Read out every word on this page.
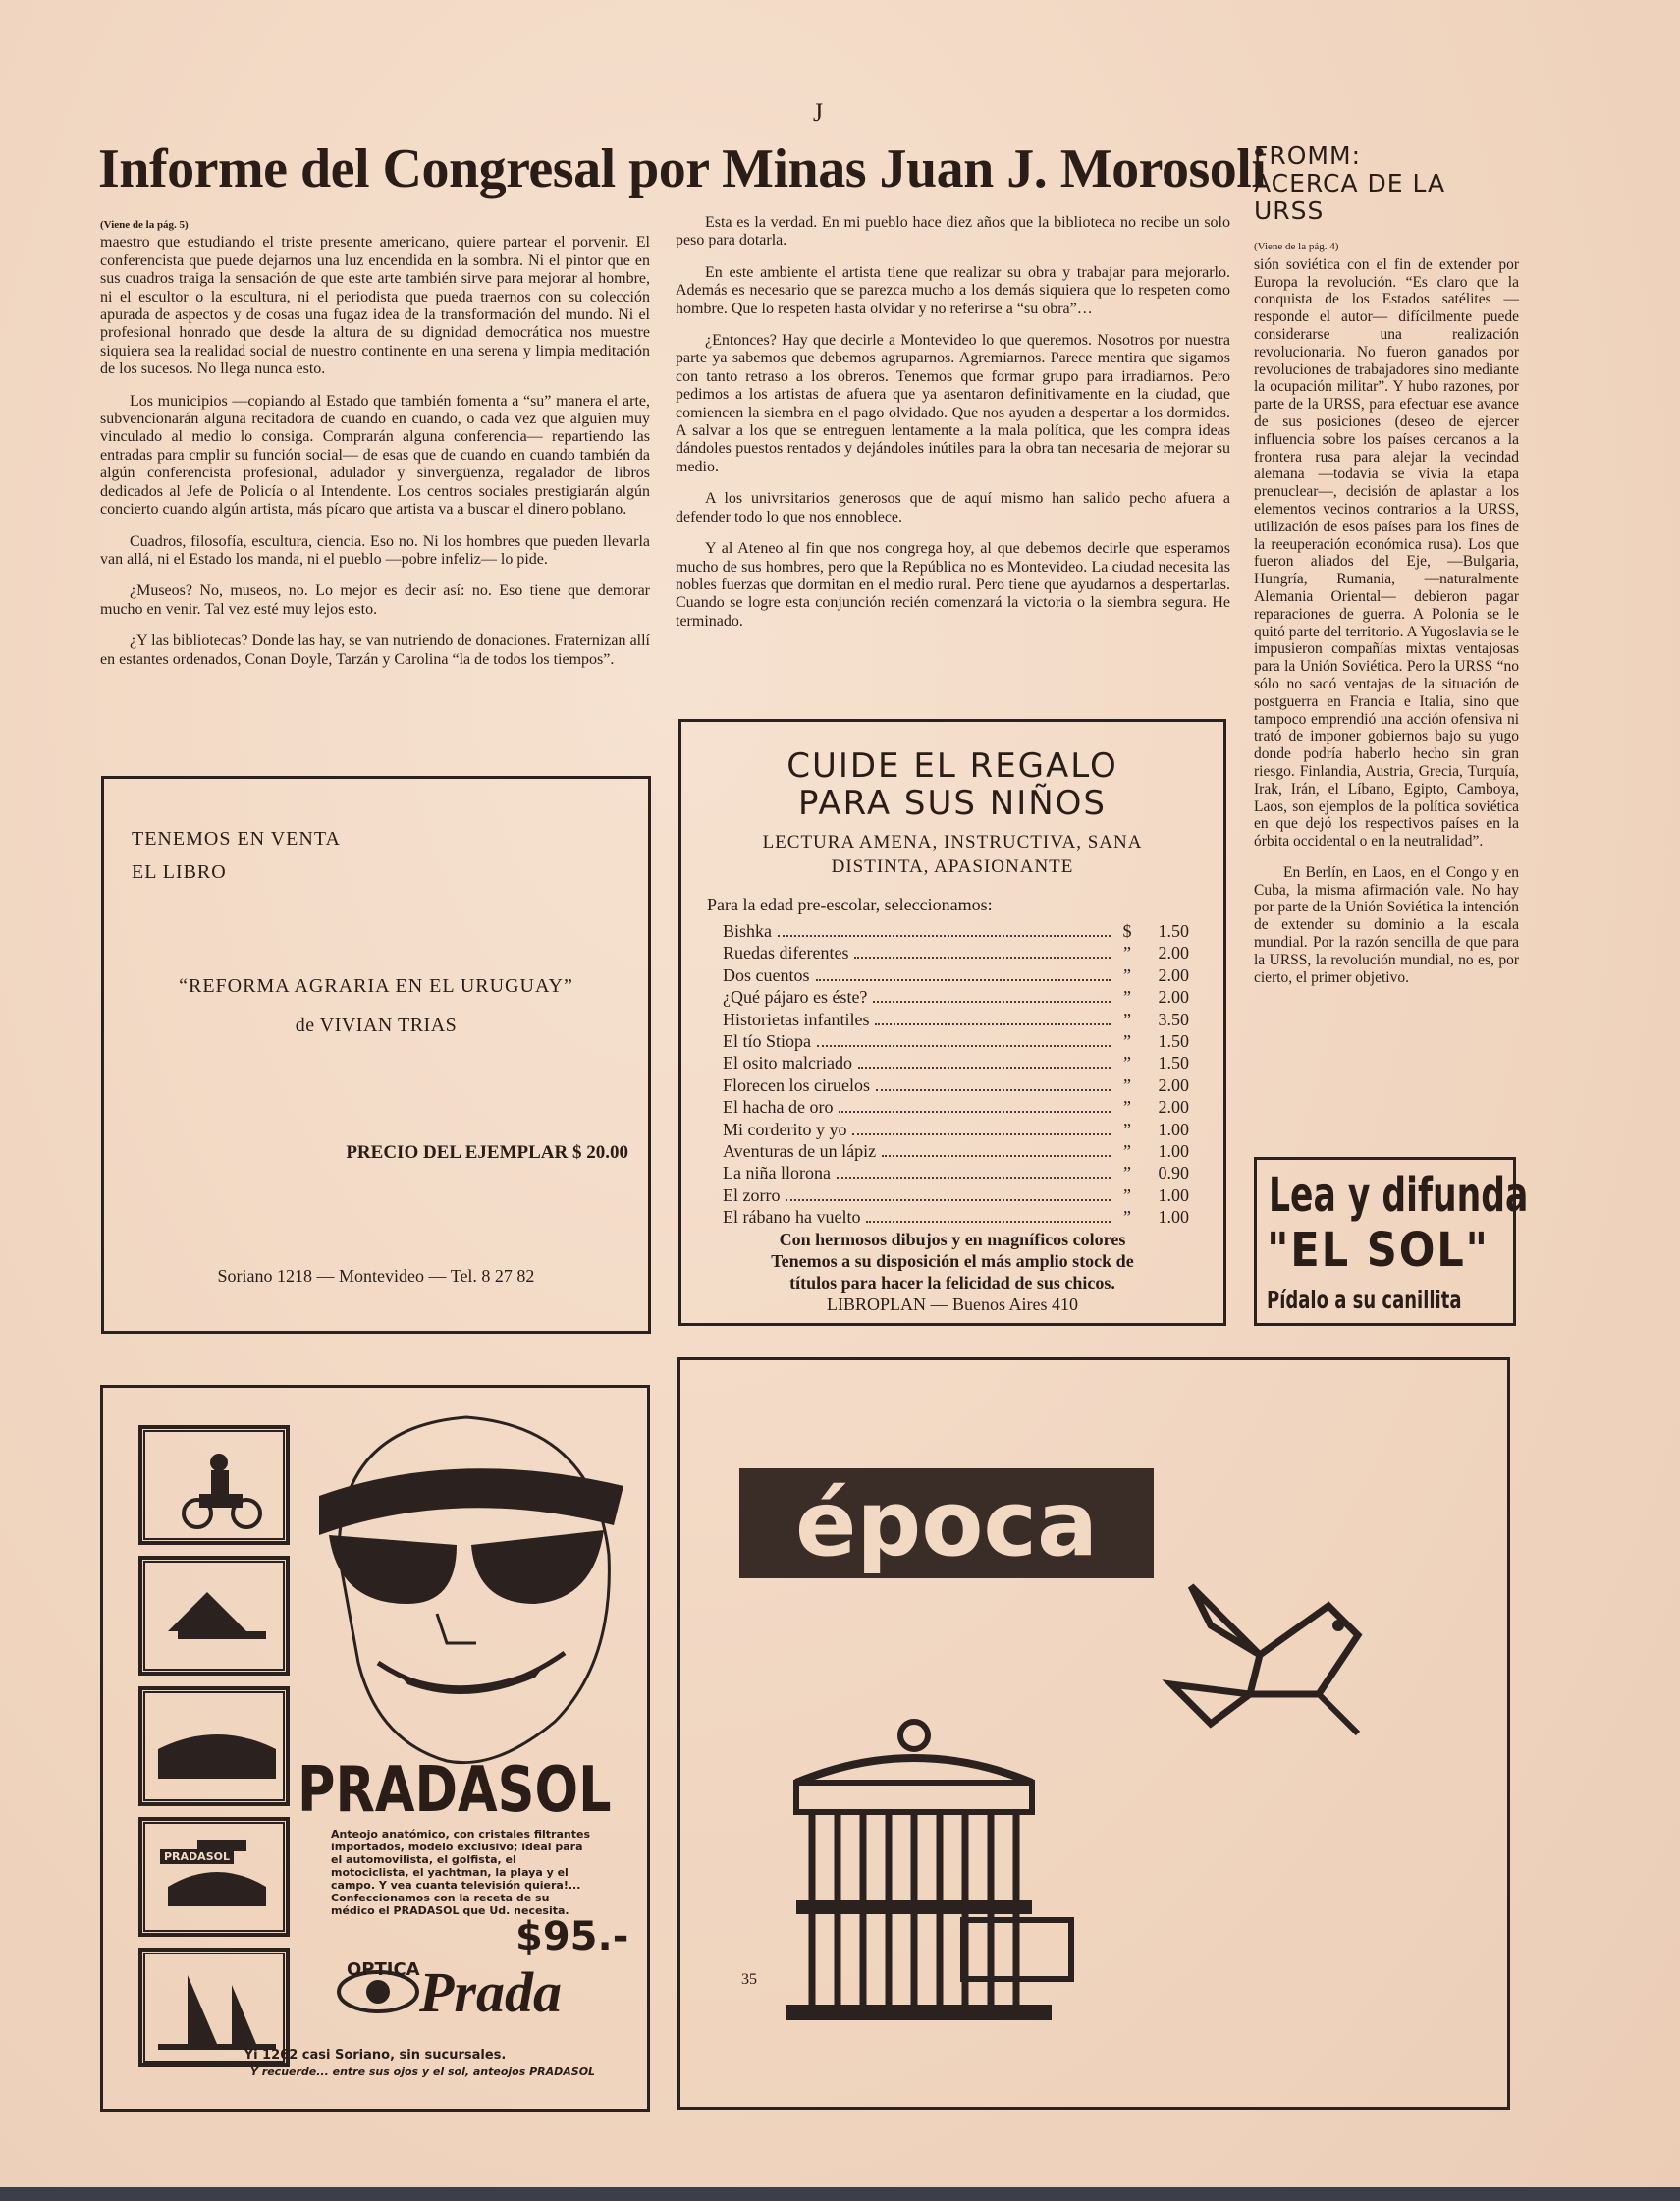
J
Informe del Congresal por Minas Juan J. Morosoli
(Viene de la pág. 5)

maestro que estudiando el triste presente americano, quiere partear el porvenir. El conferencista que puede dejarnos una luz encendida en la sombra. Ni el pintor que en sus cuadros traiga la sensación de que este arte también sirve para mejorar al hombre, ni el escultor o la escultura, ni el periodista que pueda traernos con su colección apurada de aspectos y de cosas una fugaz idea de la transformación del mundo. Ni el profesional honrado que desde la altura de su dignidad democrática nos muestre siquiera sea la realidad social de nuestro continente en una serena y limpia meditación de los sucesos. No llega nunca esto.

Los municipios —copiando al Estado que también fomenta a “su” manera el arte, subvencionarán alguna recitadora de cuando en cuando, o cada vez que alguien muy vinculado al medio lo consiga. Comprarán alguna conferencia— repartiendo las entradas para cmplir su función social— de esas que de cuando en cuando también da algún conferencista profesional, adulador y sinvergüenza, regalador de libros dedicados al Jefe de Policía o al Intendente. Los centros sociales prestigiarán algún concierto cuando algún artista, más pícaro que artista va a buscar el dinero poblano.

Cuadros, filosofía, escultura, ciencia. Eso no. Ni los hombres que pueden llevarla van allá, ni el Estado los manda, ni el pueblo —pobre infeliz— lo pide.

¿Museos? No, museos, no. Lo mejor es decir así: no. Eso tiene que demorar mucho en venir. Tal vez esté muy lejos esto.

¿Y las bibliotecas? Donde las hay, se van nutriendo de donaciones. Fraternizan allí en estantes ordenados, Conan Doyle, Tarzán y Carolina “la de todos los tiempos”.

Esta es la verdad. En mi pueblo hace diez años que la biblioteca no recibe un solo peso para dotarla.

En este ambiente el artista tiene que realizar su obra y trabajar para mejorarlo. Además es necesario que se parezca mucho a los demás siquiera que lo respeten como hombre. Que lo respeten hasta olvidar y no referirse a “su obra”…

¿Entonces? Hay que decirle a Montevideo lo que queremos. Nosotros por nuestra parte ya sabemos que debemos agruparnos. Agremiarnos. Parece mentira que sigamos con tanto retraso a los obreros. Tenemos que formar grupo para irradiarnos. Pero pedimos a los artistas de afuera que ya asentaron definitivamente en la ciudad, que comiencen la siembra en el pago olvidado. Que nos ayuden a despertar a los dormidos. A salvar a los que se entreguen lentamente a la mala política, que les compra ideas dándoles puestos rentados y dejándoles inútiles para la obra tan necesaria de mejorar su medio.

A los univrsitarios generosos que de aquí mismo han salido pecho afuera a defender todo lo que nos ennoblece.

Y al Ateneo al fin que nos congrega hoy, al que debemos decirle que esperamos mucho de sus hombres, pero que la República no es Montevideo. La ciudad necesita las nobles fuerzas que dormitan en el medio rural. Pero tiene que ayudarnos a despertarlas. Cuando se logre esta conjunción recién comenzará la victoria o la siembra segura. He terminado.

FROMM:
ACERCA DE LA URSS
(Viene de la pág. 4)

sión soviética con el fin de extender por Europa la revolución. “Es claro que la conquista de los Estados satélites —responde el autor— difícilmente puede considerarse una realización revolucionaria. No fueron ganados por revoluciones de trabajadores sino mediante la ocupación militar”. Y hubo razones, por parte de la URSS, para efectuar ese avance de sus posiciones (deseo de ejercer influencia sobre los países cercanos a la frontera rusa para alejar la vecindad alemana —todavía se vivía la etapa prenuclear—, decisión de aplastar a los elementos vecinos contrarios a la URSS, utilización de esos países para los fines de la reeuperación económica rusa). Los que fueron aliados del Eje, —Bulgaria, Hungría, Rumania, —naturalmente Alemania Oriental— debieron pagar reparaciones de guerra. A Polonia se le quitó parte del territorio. A Yugoslavia se le impusieron compañías mixtas ventajosas para la Unión Soviética. Pero la URSS “no sólo no sacó ventajas de la situación de postguerra en Francia e Italia, sino que tampoco emprendió una acción ofensiva ni trató de imponer gobiernos bajo su yugo donde podría haberlo hecho sin gran riesgo. Finlandia, Austria, Grecia, Turquía, Irak, Irán, el Líbano, Egipto, Camboya, Laos, son ejemplos de la política soviética en que dejó los respectivos países en la órbita occidental o en la neutralidad”.

En Berlín, en Laos, en el Congo y en Cuba, la misma afirmación vale. No hay por parte de la Unión Soviética la intención de extender su dominio a la escala mundial. Por la razón sencilla de que para la URSS, la revolución mundial, no es, por cierto, el primer objetivo.

TENEMOS EN VENTA
EL LIBRO
“REFORMA AGRARIA EN EL URUGUAY”
de VIVIAN TRIAS
PRECIO DEL EJEMPLAR $ 20.00
Soriano 1218 — Montevideo — Tel. 8 27 82
CUIDE EL REGALO
PARA SUS NIÑOS
LECTURA AMENA, INSTRUCTIVA, SANA
DISTINTA, APASIONANTE
Para la edad pre-escolar, seleccionamos:
Bishka	$	1.50
Ruedas diferentes	”	2.00
Dos cuentos	”	2.00
¿Qué pájaro es éste?	”	2.00
Historietas infantiles	”	3.50
El tío Stiopa	”	1.50
El osito malcriado	”	1.50
Florecen los ciruelos	”	2.00
El hacha de oro	”	2.00
Mi corderito y yo	”	1.00
Aventuras de un lápiz	”	1.00
La niña llorona	”	0.90
El zorro	”	1.00
El rábano ha vuelto	”	1.00
Con hermosos dibujos y en magníficos colores
Tenemos a su disposición el más amplio stock de
títulos para hacer la felicidad de sus chicos.
LIBROPLAN — Buenos Aires 410
Lea y difunda
"EL SOL"
Pídalo a su canillita
PRADASOL
PRADASOL
Anteojo anatómico, con cristales filtrantes importados, modelo exclusivo; ideal para el automovilista, el golfista, el motociclista, el yachtman, la playa y el campo. Y vea cuanta televisión quiera!... Confeccionamos con la receta de su médico el PRADASOL que Ud. necesita.
$95.-
OPTICA Prada
Yi 1262 casi Soriano, sin sucursales.
Y recuerde... entre sus ojos y el sol, anteojos PRADASOL
época
35
